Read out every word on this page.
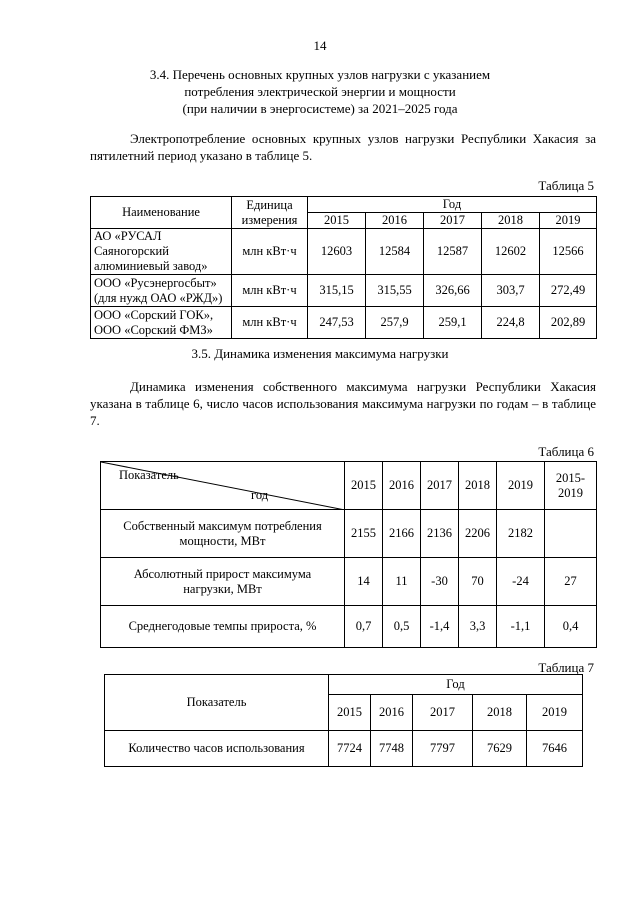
14
3.4. Перечень основных крупных узлов нагрузки с указанием
потребления электрической энергии и мощности
(при наличии в энергосистеме) за 2021–2025 года
Электропотребление основных крупных узлов нагрузки Республики Хакасия за пятилетний период указано в таблице 5.
Таблица 5
Наименование	Единица измерения	Год				
		2015	2016	2017	2018	2019
АО «РУСАЛ Саяногорский алюминиевый завод»	млн кВт·ч	12603	12584	12587	12602	12566
ООО «Русэнергосбыт» (для нужд ОАО «РЖД»)	млн кВт·ч	315,15	315,55	326,66	303,7	272,49
ООО «Сорский ГОК», ООО «Сорский ФМЗ»	млн кВт·ч	247,53	257,9	259,1	224,8	202,89
3.5. Динамика изменения максимума нагрузки
Динамика изменения собственного максимума нагрузки Республики Хакасия указана в таблице 6, число часов использования максимума нагрузки по годам – в таблице 7.
Таблица 6
Показатель
год	2015	2016	2017	2018	2019	2015-2019
Собственный максимум потребления мощности, МВт	2155	2166	2136	2206	2182	
Абсолютный прирост максимума нагрузки, МВт	14	11	-30	70	-24	27
Среднегодовые темпы прироста, %	0,7	0,5	-1,4	3,3	-1,1	0,4
Таблица 7
Показатель	Год				
	2015	2016	2017	2018	2019
Количество часов использования	7724	7748	7797	7629	7646
